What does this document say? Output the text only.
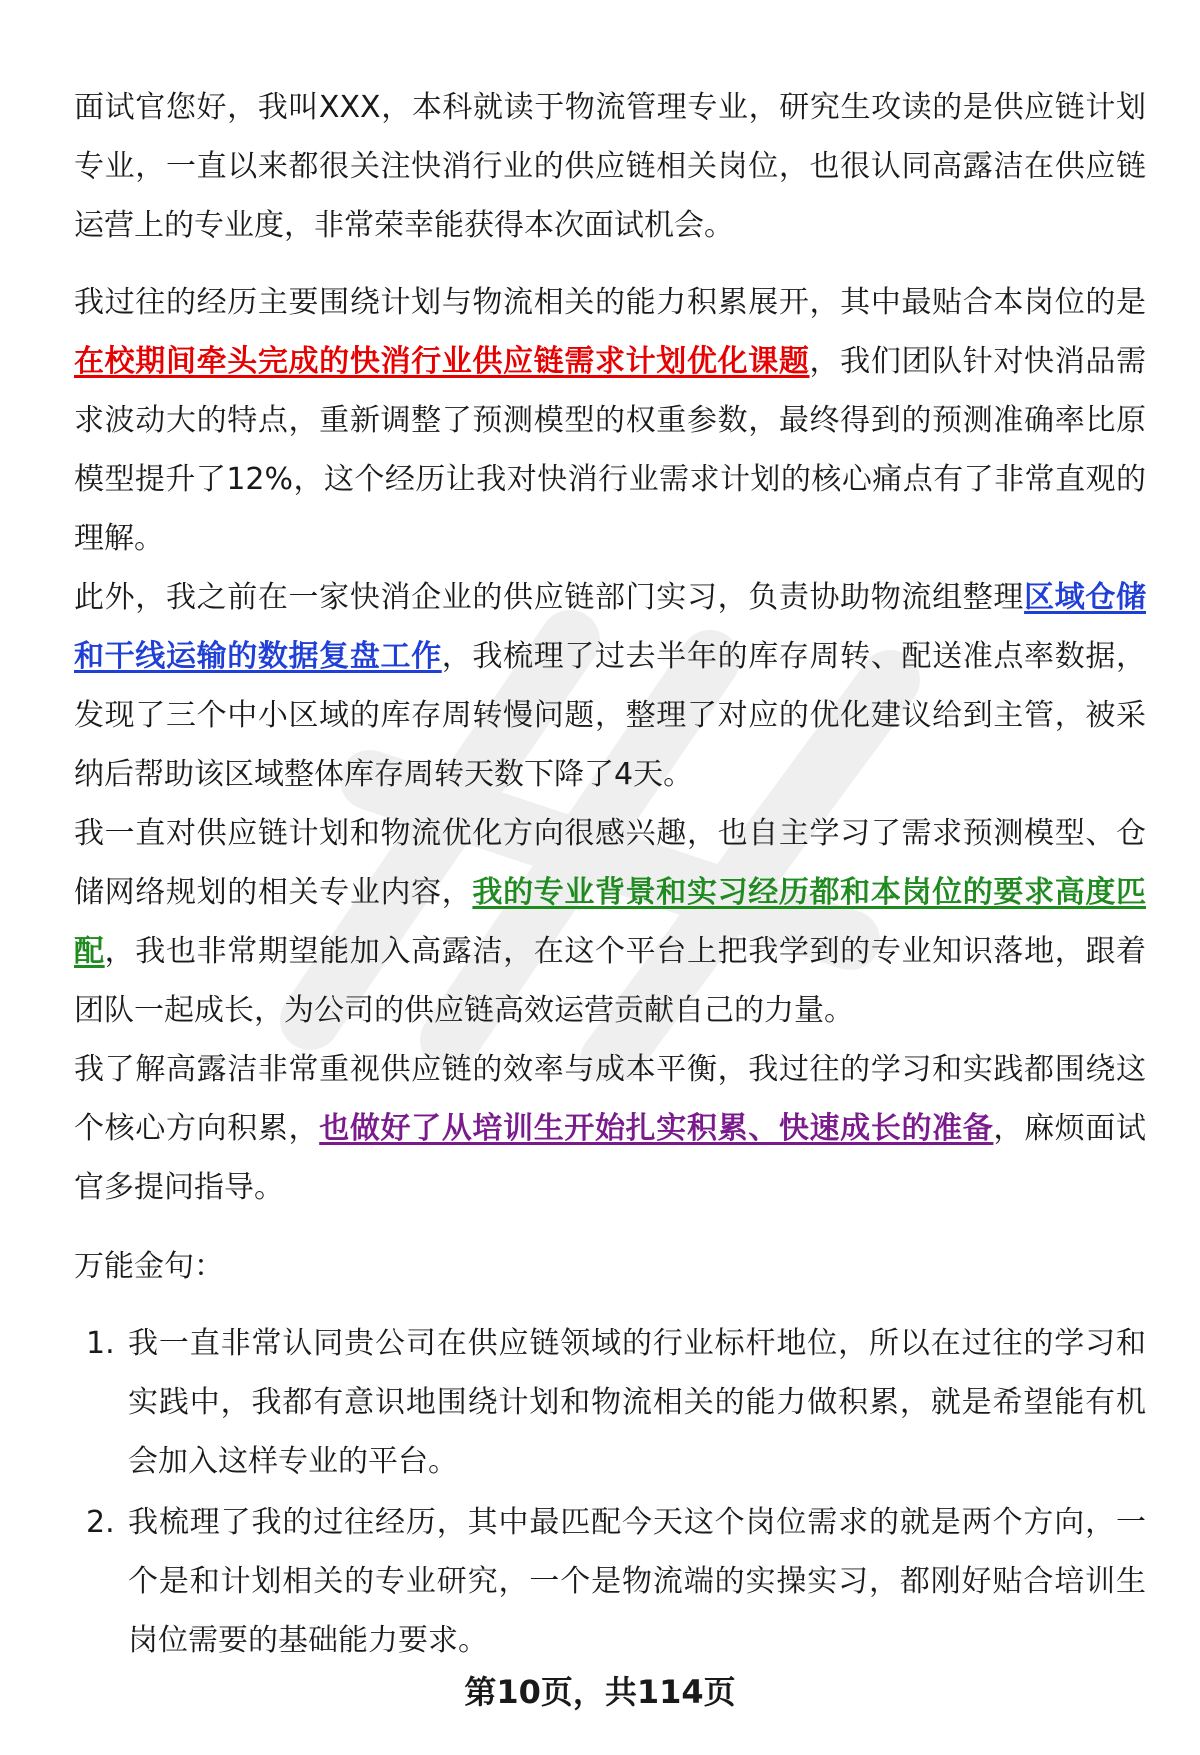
面试官您好，我叫XXX，本科就读于物流管理专业，研究生攻读的是供应链计划专业，一直以来都很关注快消行业的供应链相关岗位，也很认同高露洁在供应链运营上的专业度，非常荣幸能获得本次面试机会。

我过往的经历主要围绕计划与物流相关的能力积累展开，其中最贴合本岗位的是在校期间牵头完成的快消行业供应链需求计划优化课题，我们团队针对快消品需求波动大的特点，重新调整了预测模型的权重参数，最终得到的预测准确率比原模型提升了12%，这个经历让我对快消行业需求计划的核心痛点有了非常直观的理解。

此外，我之前在一家快消企业的供应链部门实习，负责协助物流组整理区域仓储和干线运输的数据复盘工作，我梳理了过去半年的库存周转、配送准点率数据，发现了三个中小区域的库存周转慢问题，整理了对应的优化建议给到主管，被采纳后帮助该区域整体库存周转天数下降了4天。

我一直对供应链计划和物流优化方向很感兴趣，也自主学习了需求预测模型、仓储网络规划的相关专业内容，我的专业背景和实习经历都和本岗位的要求高度匹配，我也非常期望能加入高露洁，在这个平台上把我学到的专业知识落地，跟着团队一起成长，为公司的供应链高效运营贡献自己的力量。

我了解高露洁非常重视供应链的效率与成本平衡，我过往的学习和实践都围绕这个核心方向积累，也做好了从培训生开始扎实积累、快速成长的准备，麻烦面试官多提问指导。

万能金句：

1. 我一直非常认同贵公司在供应链领域的行业标杆地位，所以在过往的学习和实践中，我都有意识地围绕计划和物流相关的能力做积累，就是希望能有机会加入这样专业的平台。
2. 我梳理了我的过往经历，其中最匹配今天这个岗位需求的就是两个方向，一个是和计划相关的专业研究，一个是物流端的实操实习，都刚好贴合培训生岗位需要的基础能力要求。
第10页，共114页
